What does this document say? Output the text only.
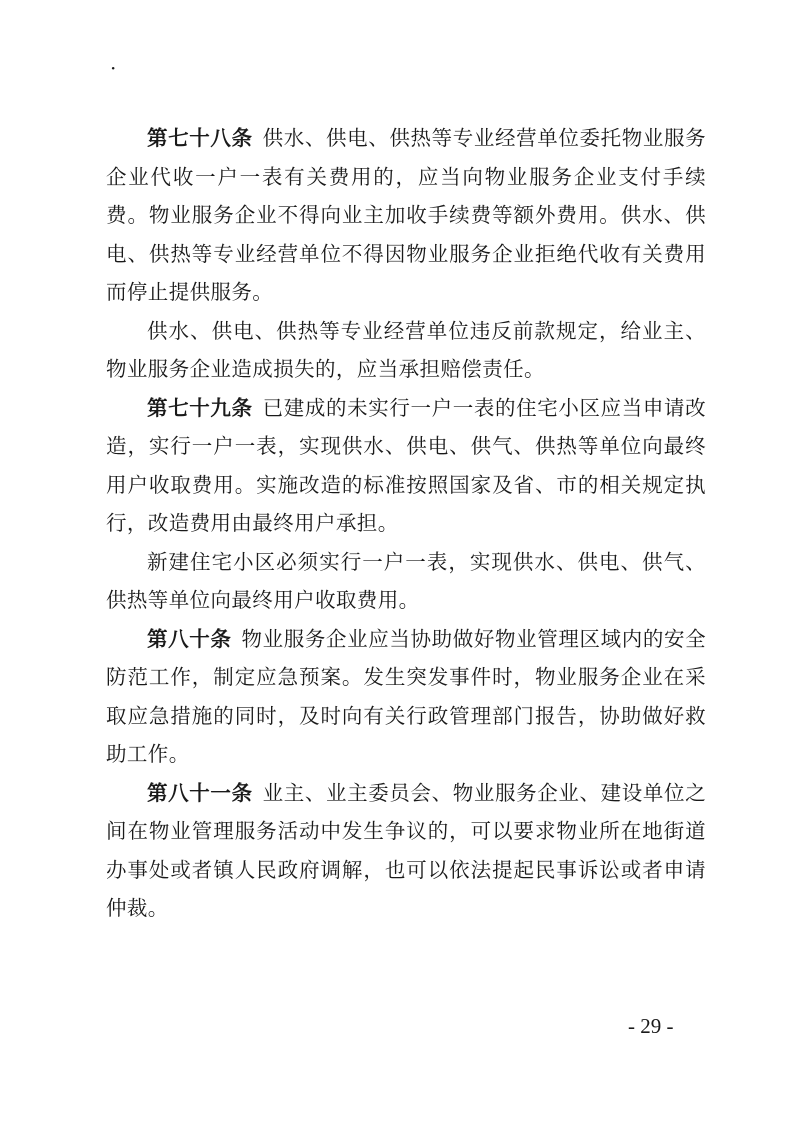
·

第七十八条 供水、供电、供热等专业经营单位委托物业服务企业代收一户一表有关费用的，应当向物业服务企业支付手续费。物业服务企业不得向业主加收手续费等额外费用。供水、供电、供热等专业经营单位不得因物业服务企业拒绝代收有关费用而停止提供服务。

供水、供电、供热等专业经营单位违反前款规定，给业主、物业服务企业造成损失的，应当承担赔偿责任。

第七十九条 已建成的未实行一户一表的住宅小区应当申请改造，实行一户一表，实现供水、供电、供气、供热等单位向最终用户收取费用。实施改造的标准按照国家及省、市的相关规定执行，改造费用由最终用户承担。

新建住宅小区必须实行一户一表，实现供水、供电、供气、供热等单位向最终用户收取费用。

第八十条 物业服务企业应当协助做好物业管理区域内的安全防范工作，制定应急预案。发生突发事件时，物业服务企业在采取应急措施的同时，及时向有关行政管理部门报告，协助做好救助工作。

第八十一条 业主、业主委员会、物业服务企业、建设单位之间在物业管理服务活动中发生争议的，可以要求物业所在地街道办事处或者镇人民政府调解，也可以依法提起民事诉讼或者申请仲裁。

- 29 -
